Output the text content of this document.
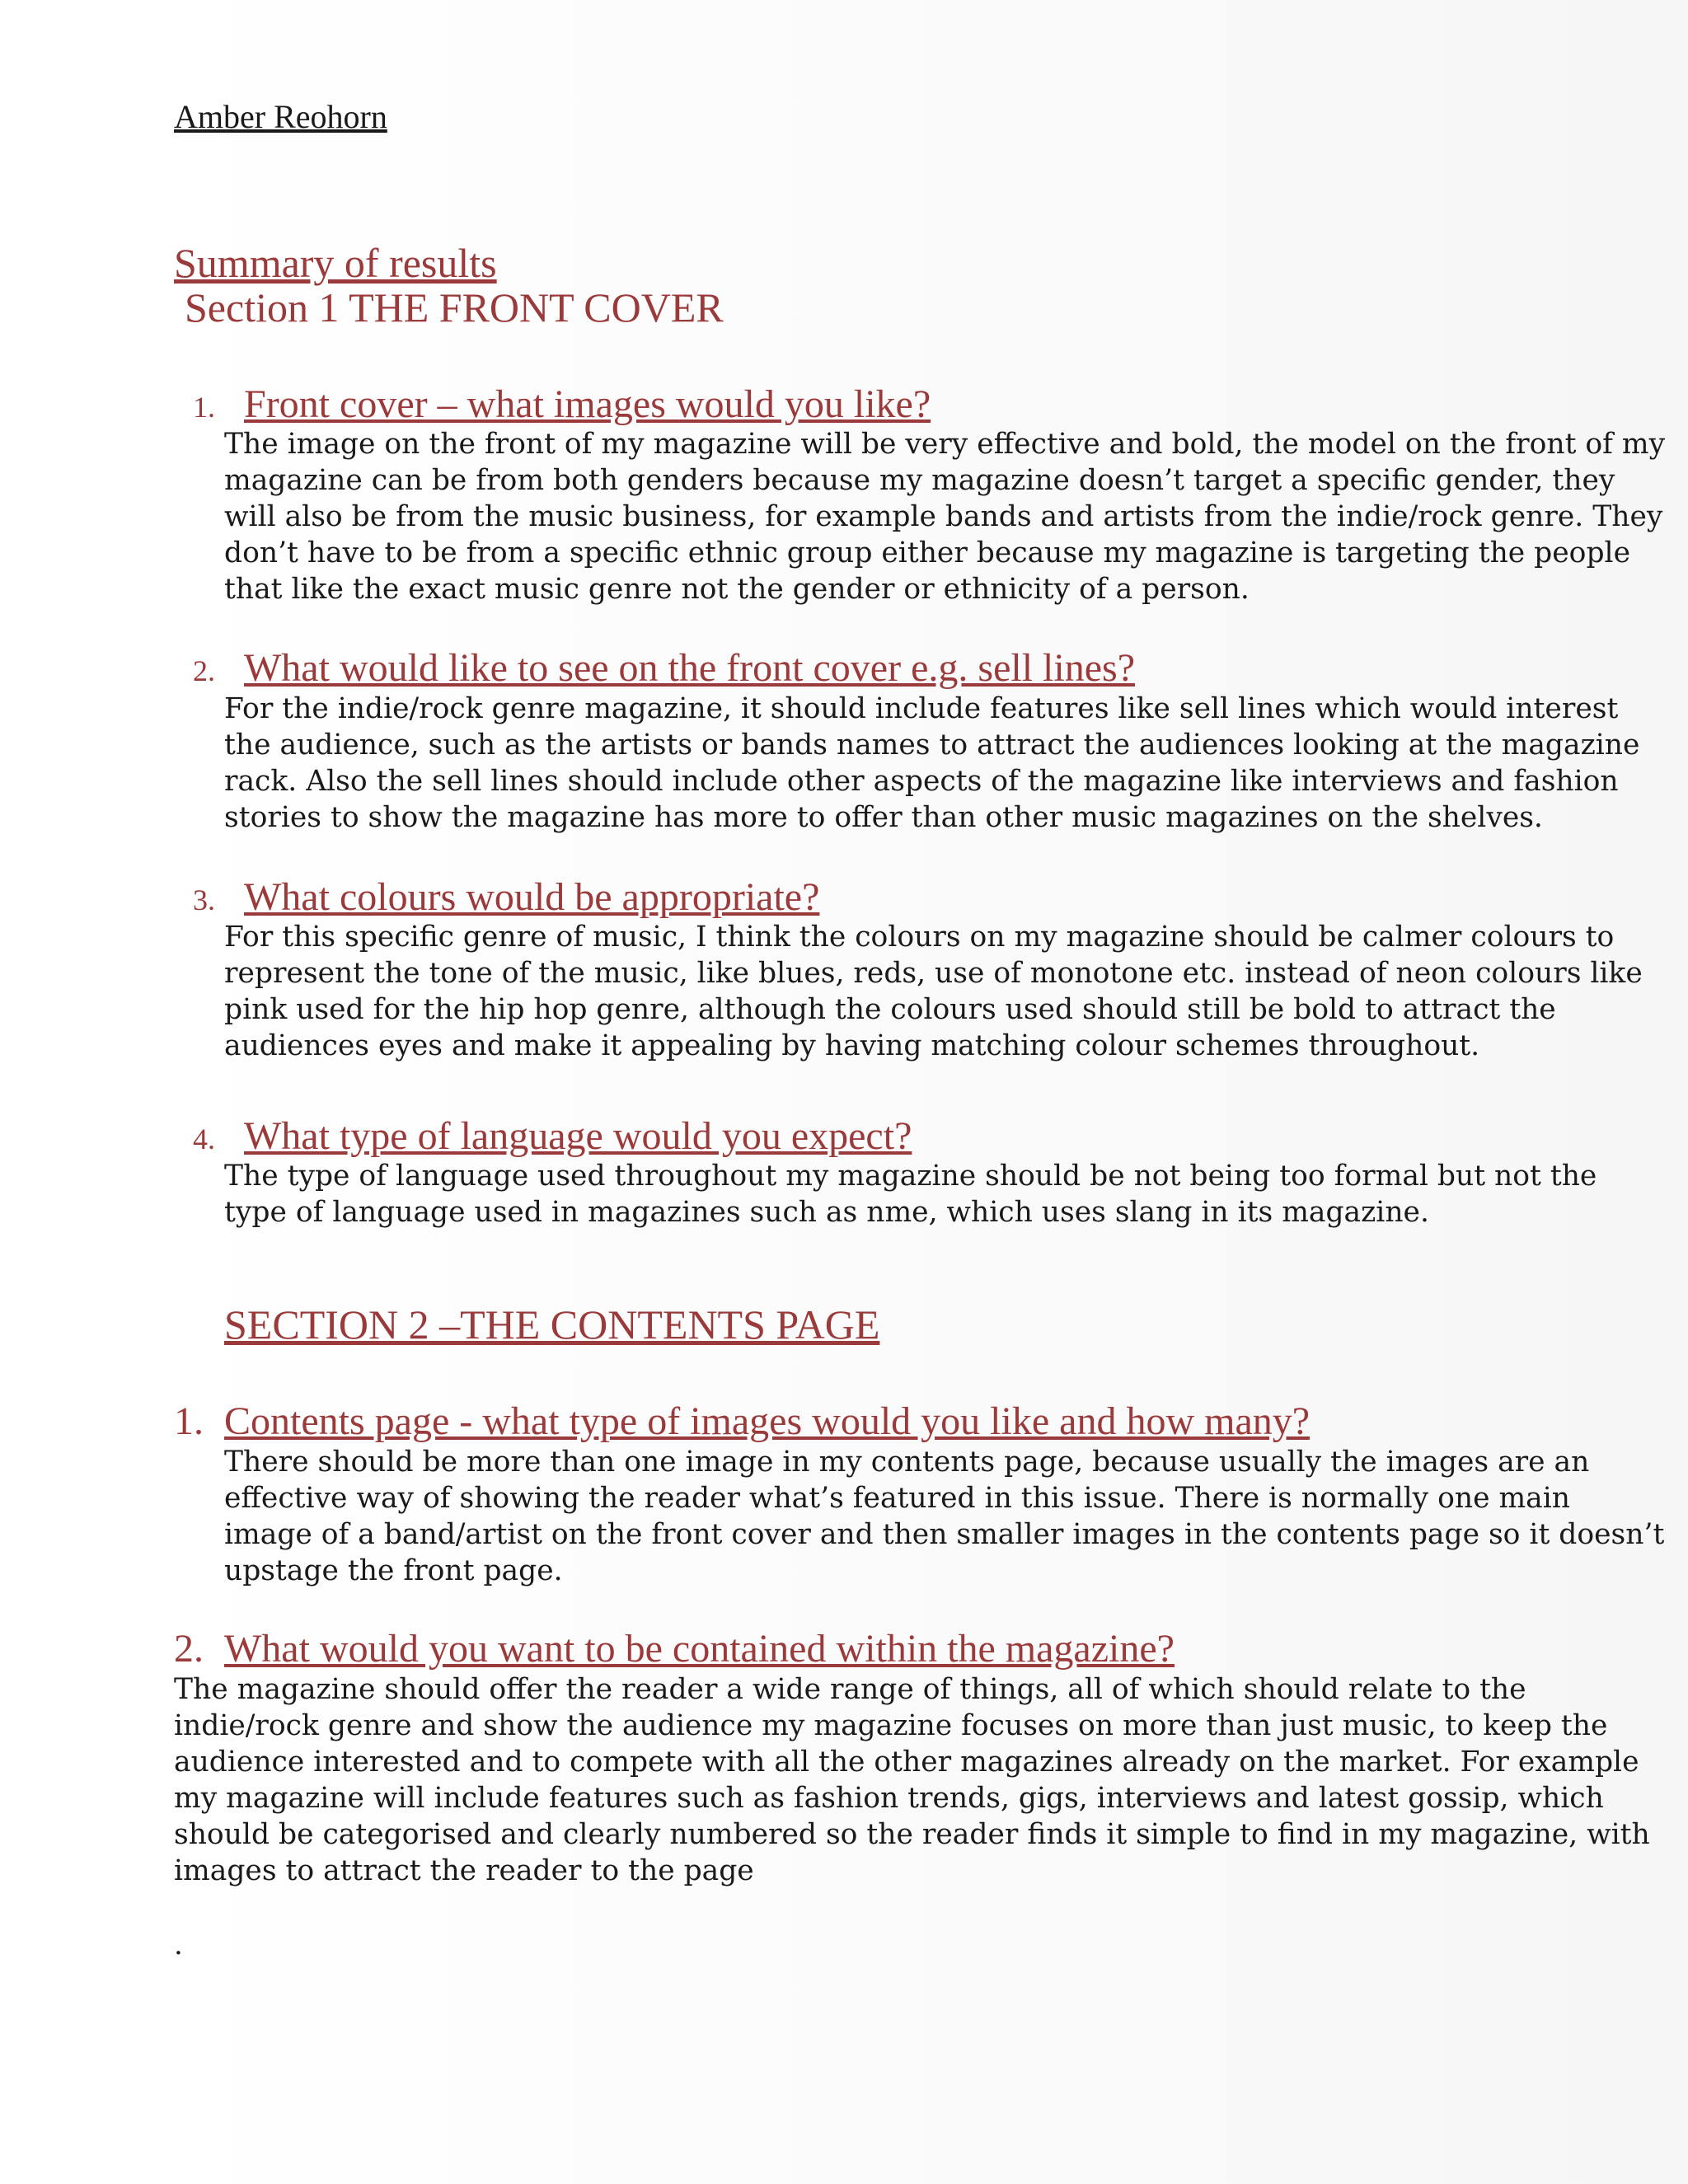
Amber Reohorn
Summary of results
Section 1 THE FRONT COVER
1. Front cover – what images would you like?
The image on the front of my magazine will be very effective and bold, the model on the front of my
magazine can be from both genders because my magazine doesn’t target a specific gender, they
will also be from the music business, for example bands and artists from the indie/rock genre. They
don’t have to be from a specific ethnic group either because my magazine is targeting the people
that like the exact music genre not the gender or ethnicity of a person.
2. What would like to see on the front cover e.g. sell lines?
For the indie/rock genre magazine, it should include features like sell lines which would interest
the audience, such as the artists or bands names to attract the audiences looking at the magazine
rack. Also the sell lines should include other aspects of the magazine like interviews and fashion
stories to show the magazine has more to offer than other music magazines on the shelves.
3. What colours would be appropriate?
For this specific genre of music, I think the colours on my magazine should be calmer colours to
represent the tone of the music, like blues, reds, use of monotone etc. instead of neon colours like
pink used for the hip hop genre, although the colours used should still be bold to attract the
audiences eyes and make it appealing by having matching colour schemes throughout.
4. What type of language would you expect?
The type of language used throughout my magazine should be not being too formal but not the
type of language used in magazines such as nme, which uses slang in its magazine.
SECTION 2 –THE CONTENTS PAGE
1. Contents page - what type of images would you like and how many?
There should be more than one image in my contents page, because usually the images are an
effective way of showing the reader what’s featured in this issue. There is normally one main
image of a band/artist on the front cover and then smaller images in the contents page so it doesn’t
upstage the front page.
2. What would you want to be contained within the magazine?
The magazine should offer the reader a wide range of things, all of which should relate to the
indie/rock genre and show the audience my magazine focuses on more than just music, to keep the
audience interested and to compete with all the other magazines already on the market. For example
my magazine will include features such as fashion trends, gigs, interviews and latest gossip, which
should be categorised and clearly numbered so the reader finds it simple to find in my magazine, with
images to attract the reader to the page
.
